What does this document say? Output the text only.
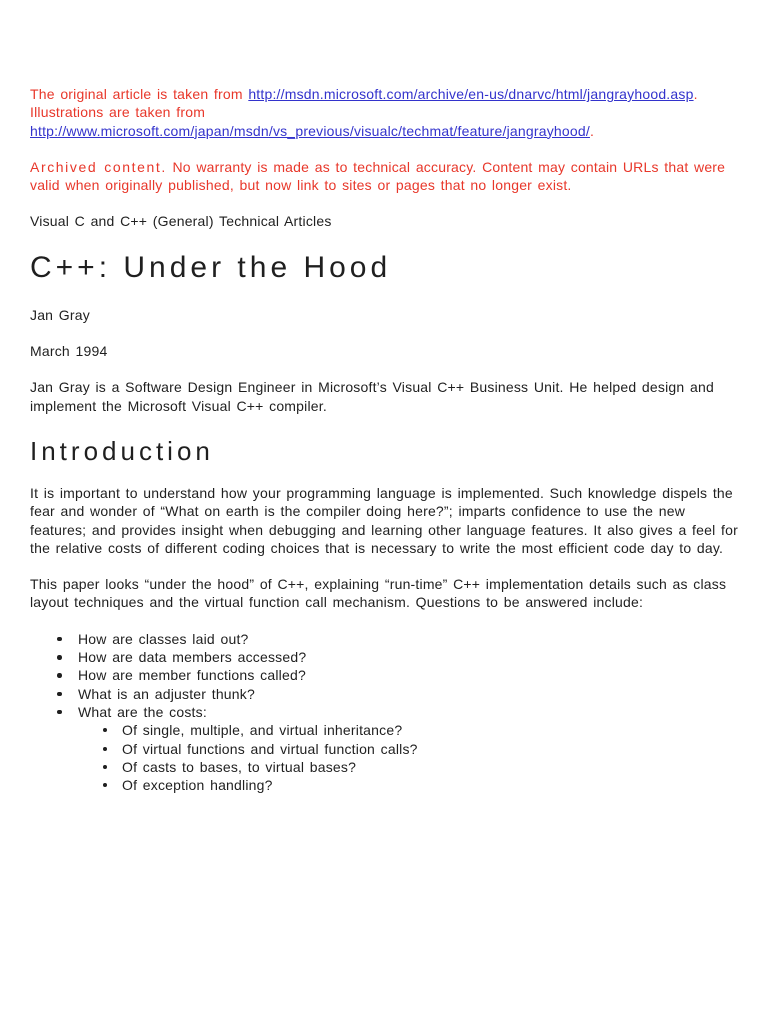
The original article is taken from http://msdn.microsoft.com/archive/en-us/dnarvc/html/jangrayhood.asp. Illustrations are taken from http://www.microsoft.com/japan/msdn/vs_previous/visualc/techmat/feature/jangrayhood/.

Archived content. No warranty is made as to technical accuracy. Content may contain URLs that were valid when originally published, but now link to sites or pages that no longer exist.

Visual C and C++ (General) Technical Articles

C++: Under the Hood

Jan Gray

March 1994

Jan Gray is a Software Design Engineer in Microsoft’s Visual C++ Business Unit. He helped design and implement the Microsoft Visual C++ compiler.

Introduction

It is important to understand how your programming language is implemented. Such knowledge dispels the fear and wonder of “What on earth is the compiler doing here?”; imparts confidence to use the new features; and provides insight when debugging and learning other language features. It also gives a feel for the relative costs of different coding choices that is necessary to write the most efficient code day to day.

This paper looks “under the hood” of C++, explaining “run-time” C++ implementation details such as class layout techniques and the virtual function call mechanism. Questions to be answered include:

How are classes laid out?
How are data members accessed?
How are member functions called?
What is an adjuster thunk?
What are the costs:
Of single, multiple, and virtual inheritance?
Of virtual functions and virtual function calls?
Of casts to bases, to virtual bases?
Of exception handling?
